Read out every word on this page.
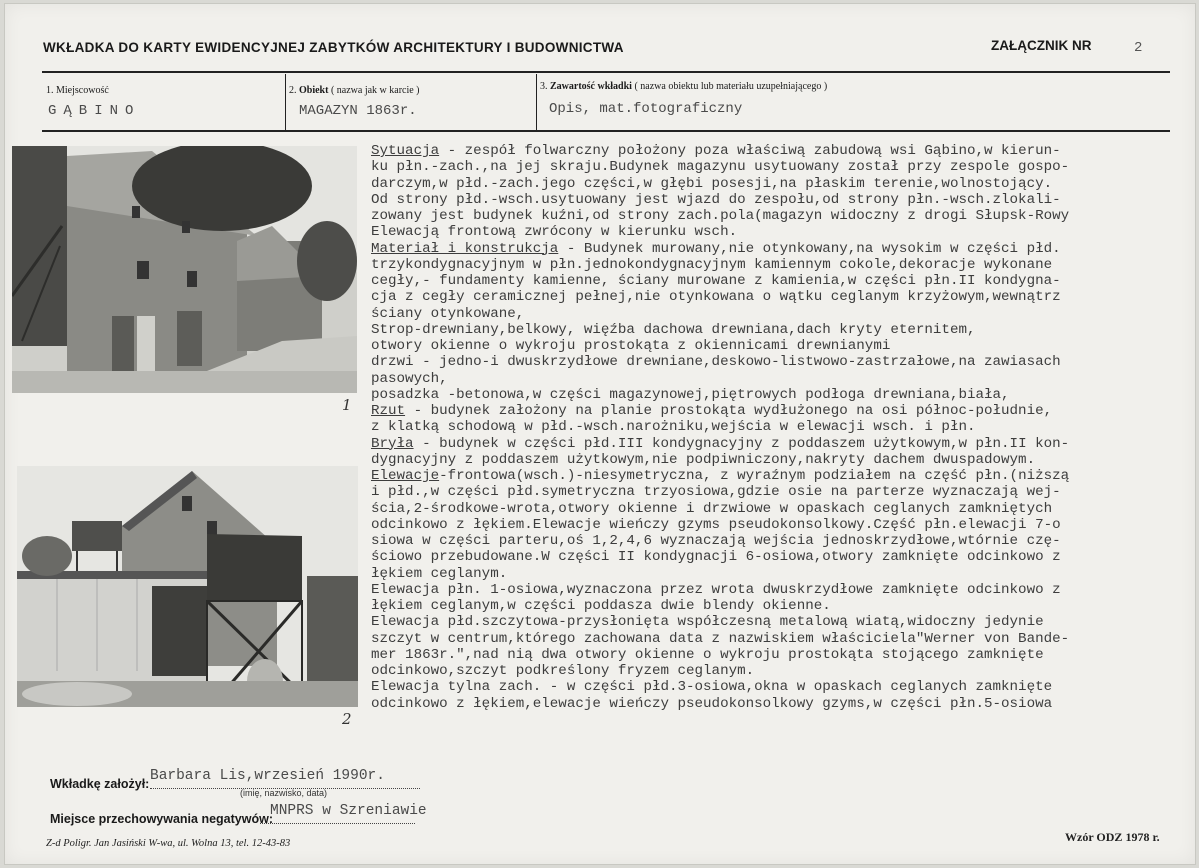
WKŁADKA DO KARTY EWIDENCYJNEJ ZABYTKÓW ARCHITEKTURY I BUDOWNICTWA	ZAŁĄCZNIK NR	2
1. Miejscowość
GĄBINO
2. Obiekt ( nazwa jak w karcie )
MAGAZYN 1863r.
3. Zawartość wkładki ( nazwa obiektu lub materiału uzupełniającego )
Opis, mat.fotograficzny
1
2
Sytuacja - zespół folwarczny położony poza właściwą zabudową wsi Gąbino,w kierun-
ku płn.-zach.,na jej skraju.Budynek magazynu usytuowany został przy zespole gospo-
darczym,w płd.-zach.jego części,w głębi posesji,na płaskim terenie,wolnostojący.
Od strony płd.-wsch.usytuowany jest wjazd do zespołu,od strony płn.-wsch.zlokali-
zowany jest budynek kuźni,od strony zach.pola(magazyn widoczny z drogi Słupsk-Rowy
Elewacją frontową zwrócony w kierunku wsch.
Materiał i konstrukcja - Budynek murowany,nie otynkowany,na wysokim w części płd.
trzykondygnacyjnym w płn.jednokondygnacyjnym kamiennym cokole,dekoracje wykonane
cegły,- fundamenty kamienne, ściany murowane z kamienia,w części płn.II kondygna-
cja z cegły ceramicznej pełnej,nie otynkowana o wątku ceglanym krzyżowym,wewnątrz
ściany otynkowane,
Strop-drewniany,belkowy, więźba dachowa drewniana,dach kryty eternitem,
otwory okienne o wykroju prostokąta z okiennicami drewnianymi
drzwi - jedno-i dwuskrzydłowe drewniane,deskowo-listwowo-zastrzałowe,na zawiasach
pasowych,
posadzka -betonowa,w części magazynowej,piętrowych podłoga drewniana,biała,
Rzut - budynek założony na planie prostokąta wydłużonego na osi północ-południe,
z klatką schodową w płd.-wsch.narożniku,wejścia w elewacji wsch. i płn.
Bryła - budynek w części płd.III kondygnacyjny z poddaszem użytkowym,w płn.II kon-
dygnacyjny z poddaszem użytkowym,nie podpiwniczony,nakryty dachem dwuspadowym.
Elewacje-frontowa(wsch.)-niesymetryczna, z wyraźnym podziałem na część płn.(niższą
i płd.,w części płd.symetryczna trzyosiowa,gdzie osie na parterze wyznaczają wej-
ścia,2-środkowe-wrota,otwory okienne i drzwiowe w opaskach ceglanych zamkniętych
odcinkowo z łękiem.Elewacje wieńczy gzyms pseudokonsolkowy.Część płn.elewacji 7-o
siowa w części parteru,oś 1,2,4,6 wyznaczają wejścia jednoskrzydłowe,wtórnie czę-
ściowo przebudowane.W części II kondygnacji 6-osiowa,otwory zamknięte odcinkowo z
łękiem ceglanym.
Elewacja płn. 1-osiowa,wyznaczona przez wrota dwuskrzydłowe zamknięte odcinkowo z
łękiem ceglanym,w części poddasza dwie blendy okienne.
Elewacja płd.szczytowa-przysłonięta współczesną metalową wiatą,widoczny jedynie
szczyt w centrum,którego zachowana data z nazwiskiem właściciela"Werner von Bande-
mer 1863r.",nad nią dwa otwory okienne o wykroju prostokąta stojącego zamknięte
odcinkowo,szczyt podkreślony fryzem ceglanym.
Elewacja tylna zach. - w części płd.3-osiowa,okna w opaskach ceglanych zamknięte
odcinkowo z łękiem,elewacje wieńczy pseudokonsolkowy gzyms,w części płn.5-osiowa
Wkładkę założył: Barbara Lis,wrzesień 1990r.
(imię, nazwisko, data)
Miejsce przechowywania negatywów:
MNPRS w Szreniawie
Z-d Poligr. Jan Jasiński W-wa, ul. Wolna 13, tel. 12-43-83	Wzór ODZ 1978 r.
